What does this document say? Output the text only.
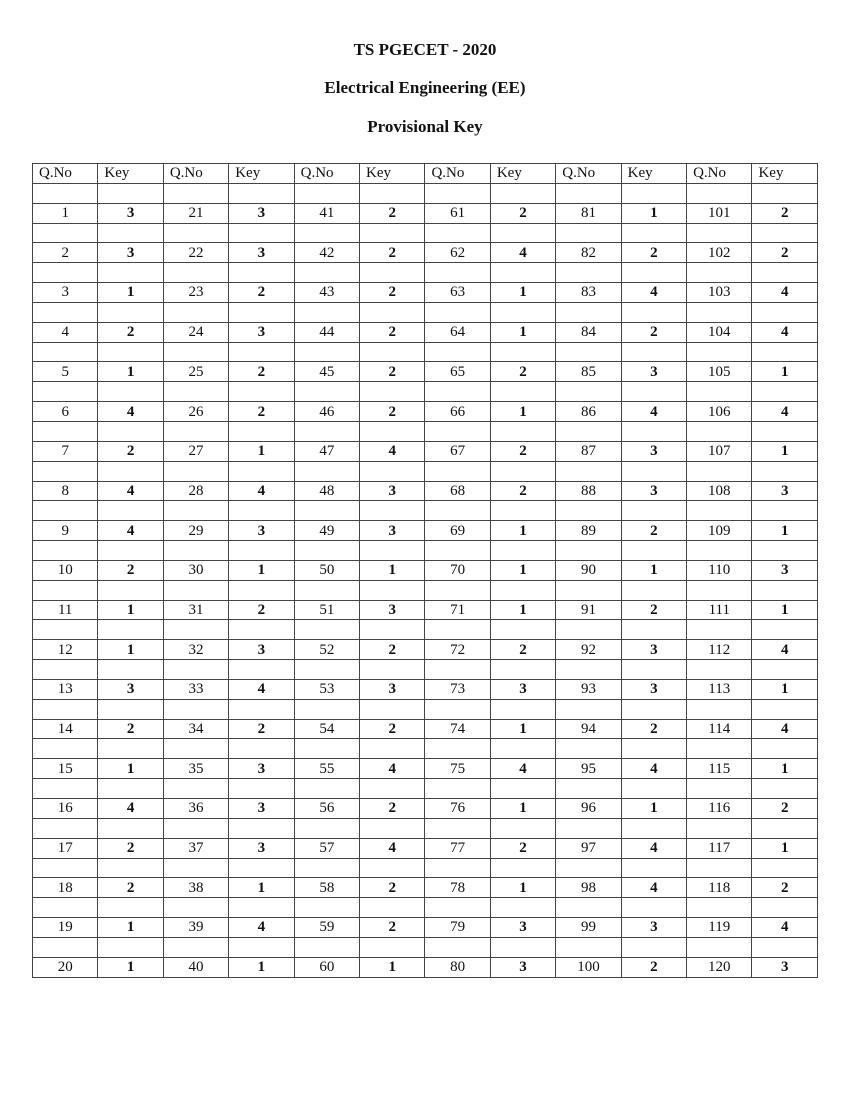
TS PGECET - 2020
Electrical Engineering (EE)
Provisional Key
Q.No	Key	Q.No	Key	Q.No	Key	Q.No	Key	Q.No	Key	Q.No	Key

1	3	21	3	41	2	61	2	81	1	101	2

2	3	22	3	42	2	62	4	82	2	102	2

3	1	23	2	43	2	63	1	83	4	103	4

4	2	24	3	44	2	64	1	84	2	104	4

5	1	25	2	45	2	65	2	85	3	105	1

6	4	26	2	46	2	66	1	86	4	106	4

7	2	27	1	47	4	67	2	87	3	107	1

8	4	28	4	48	3	68	2	88	3	108	3

9	4	29	3	49	3	69	1	89	2	109	1

10	2	30	1	50	1	70	1	90	1	110	3

11	1	31	2	51	3	71	1	91	2	111	1

12	1	32	3	52	2	72	2	92	3	112	4

13	3	33	4	53	3	73	3	93	3	113	1

14	2	34	2	54	2	74	1	94	2	114	4

15	1	35	3	55	4	75	4	95	4	115	1

16	4	36	3	56	2	76	1	96	1	116	2

17	2	37	3	57	4	77	2	97	4	117	1

18	2	38	1	58	2	78	1	98	4	118	2

19	1	39	4	59	2	79	3	99	3	119	4

20	1	40	1	60	1	80	3	100	2	120	3
